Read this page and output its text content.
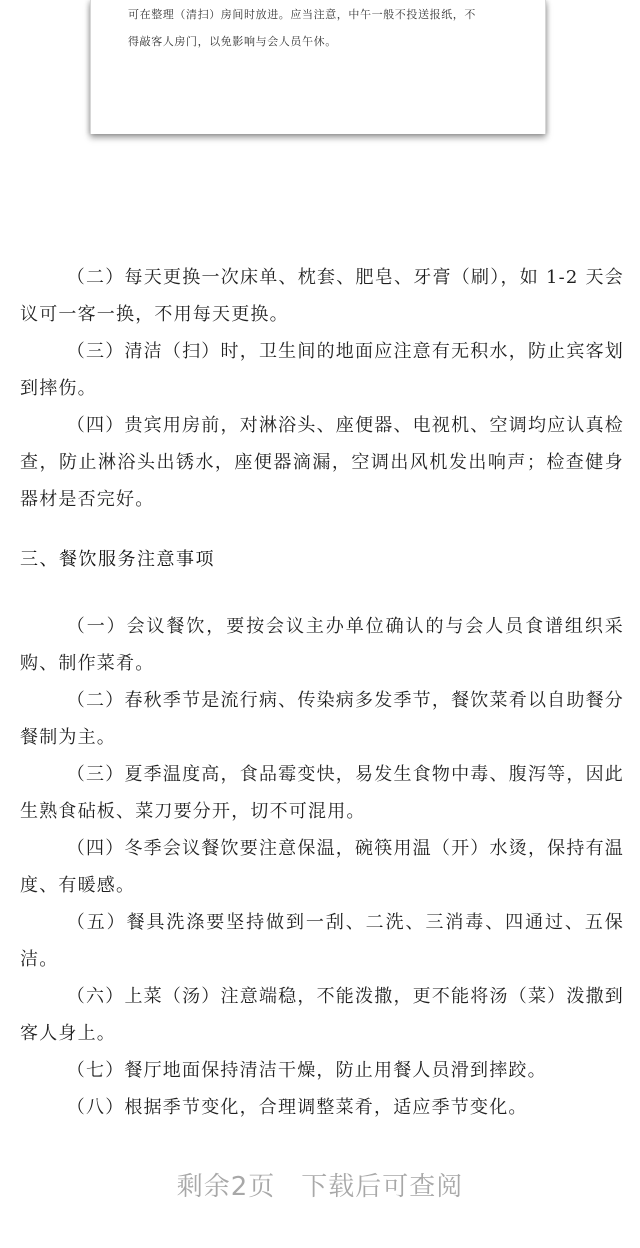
可在整理（清扫）房间时放进。应当注意，中午一般不投送报纸，不
得敲客人房门，以免影响与会人员午休。
（二）每天更换一次床单、枕套、肥皂、牙膏（刷），如 1-2 天会议可一客一换，不用每天更换。
（三）清洁（扫）时，卫生间的地面应注意有无积水，防止宾客划到摔伤。
（四）贵宾用房前，对淋浴头、座便器、电视机、空调均应认真检查，防止淋浴头出锈水，座便器滴漏，空调出风机发出响声；检查健身器材是否完好。
三、餐饮服务注意事项
（一）会议餐饮，要按会议主办单位确认的与会人员食谱组织采购、制作菜肴。
（二）春秋季节是流行病、传染病多发季节，餐饮菜肴以自助餐分餐制为主。
（三）夏季温度高，食品霉变快，易发生食物中毒、腹泻等，因此生熟食砧板、菜刀要分开，切不可混用。
（四）冬季会议餐饮要注意保温，碗筷用温（开）水烫，保持有温度、有暖感。
（五）餐具洗涤要坚持做到一刮、二洗、三消毒、四通过、五保洁。
（六）上菜（汤）注意端稳，不能泼撒，更不能将汤（菜）泼撒到客人身上。
（七）餐厅地面保持清洁干燥，防止用餐人员滑到摔跤。
（八）根据季节变化，合理调整菜肴，适应季节变化。
剩余2页 下载后可查阅
